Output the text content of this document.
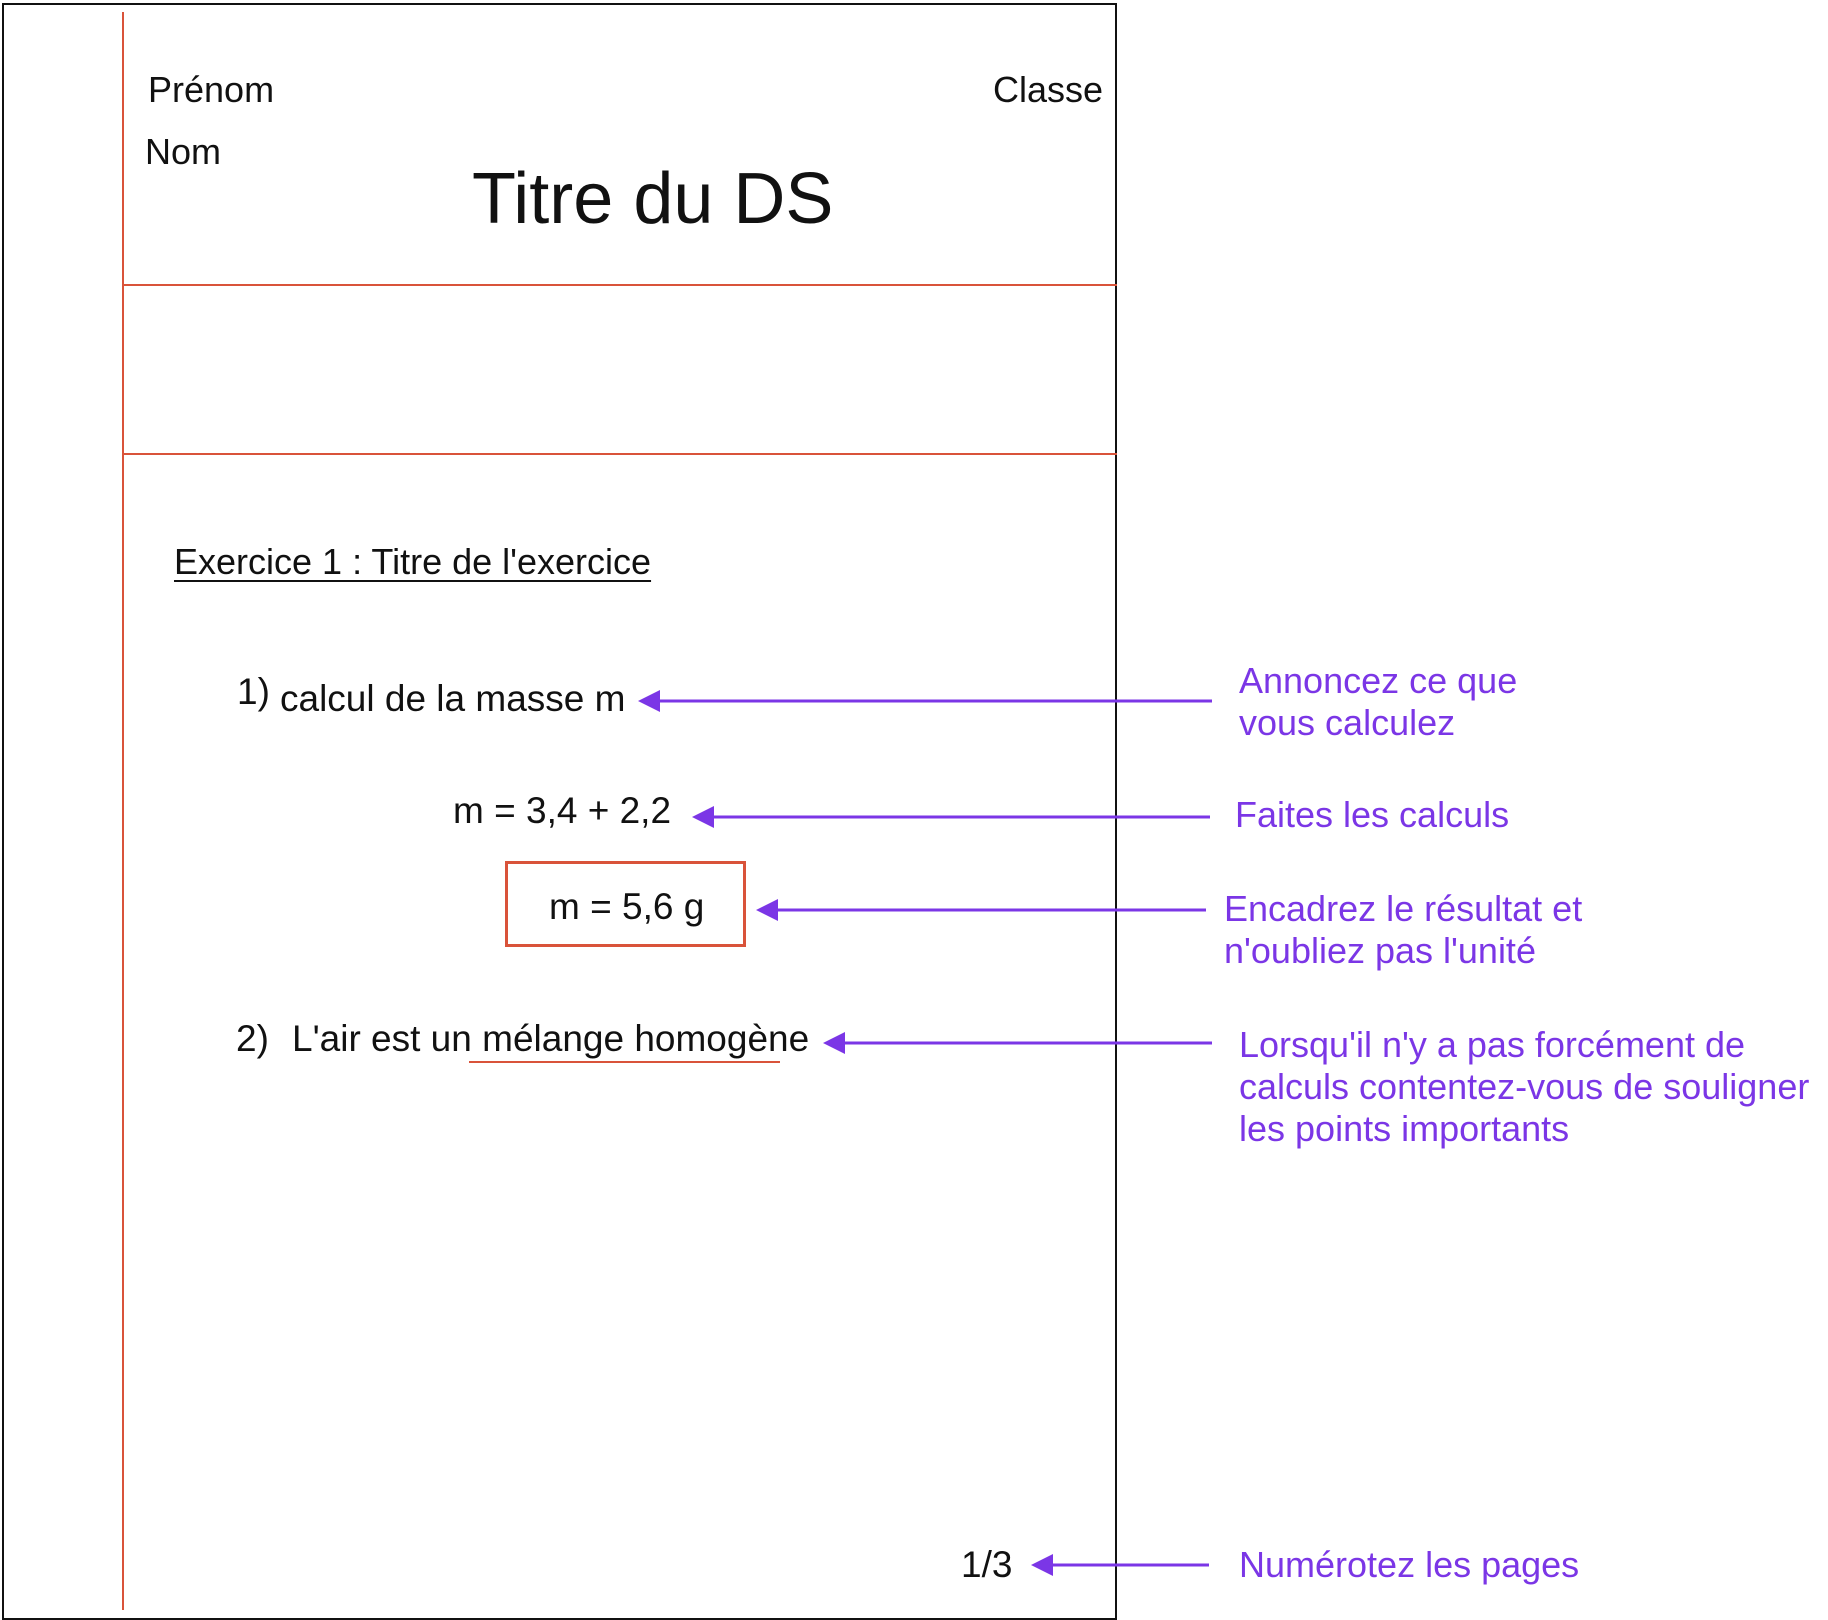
Prénom
Nom
Classe
Titre du DS
Exercice 1 : Titre de l'exercice
1) calcul de la masse m
m = 3,4 + 2,2
m = 5,6 g
2) L'air est un mélange homogène
1/3
Annoncez ce que
vous calculez
Faites les calculs
Encadrez le résultat et
n'oubliez pas l'unité
Lorsqu'il n'y a pas forcément de
calculs contentez-vous de souligner
les points importants
Numérotez les pages
